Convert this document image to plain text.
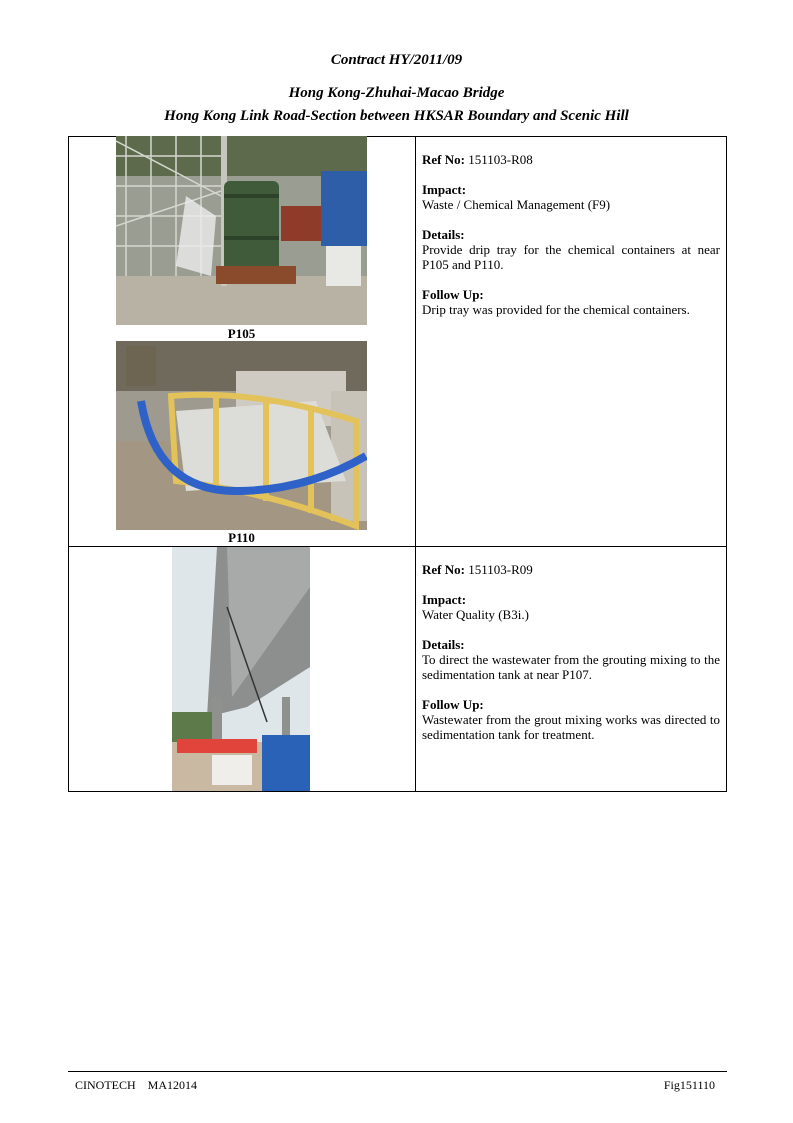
Contract HY/2011/09
Hong Kong-Zhuhai-Macao Bridge
Hong Kong Link Road-Section between HKSAR Boundary and Scenic Hill
P105
P110

Ref No: 151103-R08

Impact:

Waste / Chemical Management (F9)

Details:

Provide drip tray for the chemical containers at near P105 and P110.

Follow Up:

Drip tray was provided for the chemical containers.

Ref No: 151103-R09

Impact:

Water Quality (B3i.)

Details:

To direct the wastewater from the grouting mixing to the sedimentation tank at near P107.

Follow Up:

Wastewater from the grout mixing works was directed to sedimentation tank for treatment.

CINOTECH MA12014	Fig151110
